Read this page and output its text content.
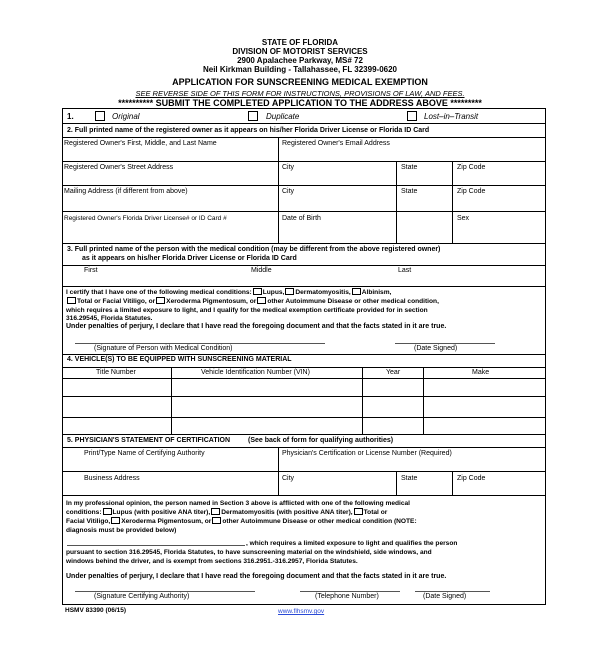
STATE OF FLORIDA
DIVISION OF MOTORIST SERVICES
2900 Apalachee Parkway, MS# 72
Neil Kirkman Building - Tallahassee, FL 32399-0620
APPLICATION FOR SUNSCREENING MEDICAL EXEMPTION
SEE REVERSE SIDE OF THIS FORM FOR INSTRUCTIONS, PROVISIONS OF LAW, AND FEES.
********** SUBMIT THE COMPLETED APPLICATION TO THE ADDRESS ABOVE *********
1.	Original	Duplicate	Lost–in–Transit
2. Full printed name of the registered owner as it appears on his/her Florida Driver License or Florida ID Card
Registered Owner's First, Middle, and Last Name	Registered Owner's Email Address
Registered Owner's Street Address	City	State	Zip Code
Mailing Address (if different from above)	City	State	Zip Code
Registered Owner's Florida Driver License# or ID Card #	Date of Birth	Sex
3. Full printed name of the person with the medical condition (may be different from the above registered owner)
as it appears on his/her Florida Driver License or Florida ID Card
First	Middle	Last
I certify that I have one of the following medical conditions: Lupus, Dermatomyositis, Albinism,
Total or Facial Vitiligo, or Xeroderma Pigmentosum, or other Autoimmune Disease or other medical condition,
which requires a limited exposure to light, and I qualify for the medical exemption certificate provided for in section
316.29545, Florida Statutes.
Under penalties of perjury, I declare that I have read the foregoing document and that the facts stated in it are true.
(Signature of Person with Medical Condition)	(Date Signed)
4. VEHICLE(S) TO BE EQUIPPED WITH SUNSCREENING MATERIAL
Title Number	Vehicle Identification Number (VIN)	Year	Make
5. PHYSICIAN'S STATEMENT OF CERTIFICATION	(See back of form for qualifying authorities)
Print/Type Name of Certifying Authority	Physician's Certification or License Number (Required)
Business Address	City	State	Zip Code
In my professional opinion, the person named in Section 3 above is afflicted with one of the following medical
conditions: Lupus (with positive ANA titer), Dermatomyositis (with positive ANA titer), Total or
Facial Vitiligo, Xeroderma Pigmentosum, or other Autoimmune Disease or other medical condition (NOTE:
diagnosis must be provided below)
, which requires a limited exposure to light and qualifies the person
pursuant to section 316.29545, Florida Statutes, to have sunscreening material on the windshield, side windows, and
windows behind the driver, and is exempt from sections 316.2951.-316.2957, Florida Statutes.
Under penalties of perjury, I declare that I have read the foregoing document and that the facts stated in it are true.
(Signature Certifying Authority)	(Telephone Number)	(Date Signed)
HSMV 83390 (06/15)	www.flhsmv.gov
